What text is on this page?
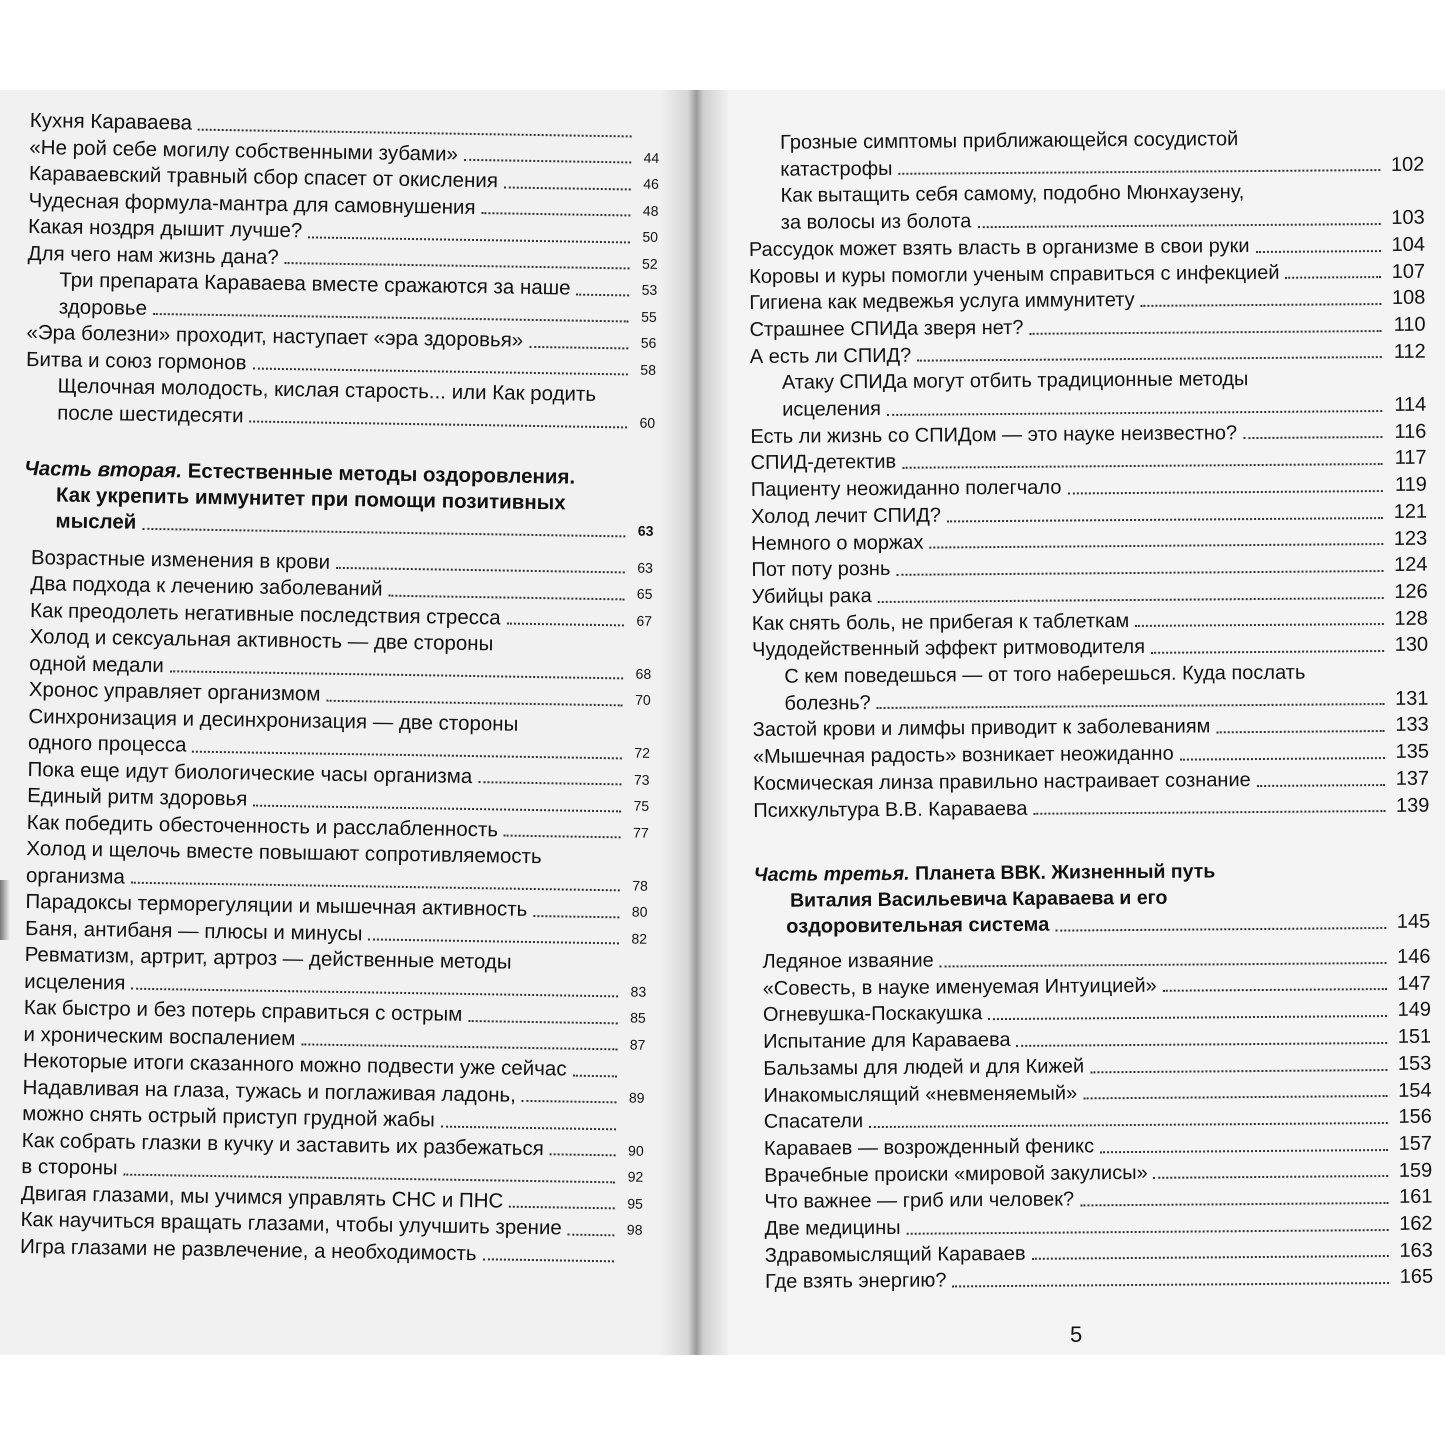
Кухня Караваева
«Не рой себе могилу собственными зубами»	44
Караваевский травный сбор спасет от окисления	46
Чудесная формула-мантра для самовнушения	48
Какая ноздря дышит лучше?	50
Для чего нам жизнь дана?	52
Три препарата Караваева вместе сражаются за наше	53
здоровье	55
«Эра болезни» проходит, наступает «эра здоровья»	56
Битва и союз гормонов	58
Щелочная молодость, кислая старость... или Как родить
после шестидесяти	60
Часть вторая. Естественные методы оздоровления.
Как укрепить иммунитет при помощи позитивных
мыслей	63
Возрастные изменения в крови	63
Два подхода к лечению заболеваний	65
Как преодолеть негативные последствия стресса	67
Холод и сексуальная активность — две стороны
одной медали	68
Хронос управляет организмом	70
Синхронизация и десинхронизация — две стороны
одного процесса	72
Пока еще идут биологические часы организма	73
Единый ритм здоровья	75
Как победить обесточенность и расслабленность	77
Холод и щелочь вместе повышают сопротивляемость
организма	78
Парадоксы терморегуляции и мышечная активность	80
Баня, антибаня — плюсы и минусы	82
Ревматизм, артрит, артроз — действенные методы
исцеления	83
Как быстро и без потерь справиться с острым	85
и хроническим воспалением	87
Некоторые итоги сказанного можно подвести уже сейчас
Надавливая на глаза, тужась и поглаживая ладонь,	89
можно снять острый приступ грудной жабы
Как собрать глазки в кучку и заставить их разбежаться	90
в стороны	92
Двигая глазами, мы учимся управлять СНС и ПНС	95
Как научиться вращать глазами, чтобы улучшить зрение	98
Игра глазами не развлечение, а необходимость
Грозные симптомы приближающейся сосудистой
катастрофы	102
Как вытащить себя самому, подобно Мюнхаузену,
за волосы из болота	103
Рассудок может взять власть в организме в свои руки	104
Коровы и куры помогли ученым справиться с инфекцией	107
Гигиена как медвежья услуга иммунитету	108
Страшнее СПИДа зверя нет?	110
А есть ли СПИД?	112
Атаку СПИДа могут отбить традиционные методы
исцеления	114
Есть ли жизнь со СПИДом — это науке неизвестно?	116
СПИД-детектив	117
Пациенту неожиданно полегчало	119
Холод лечит СПИД?	121
Немного о моржах	123
Пот поту рознь	124
Убийцы рака	126
Как снять боль, не прибегая к таблеткам	128
Чудодейственный эффект ритмоводителя	130
С кем поведешься — от того наберешься. Куда послать
болезнь?	131
Застой крови и лимфы приводит к заболеваниям	133
«Мышечная радость» возникает неожиданно	135
Космическая линза правильно настраивает сознание	137
Психкультура В.В. Караваева	139
Часть третья. Планета ВВК. Жизненный путь
Виталия Васильевича Караваева и его
оздоровительная система	145
Ледяное изваяние	146
«Совесть, в науке именуемая Интуицией»	147
Огневушка-Поскакушка	149
Испытание для Караваева	151
Бальзамы для людей и для Кижей	153
Инакомыслящий «невменяемый»	154
Спасатели	156
Караваев — возрожденный феникс	157
Врачебные происки «мировой закулисы»	159
Что важнее — гриб или человек?	161
Две медицины	162
Здравомыслящий Караваев	163
Где взять энергию?	165
5
